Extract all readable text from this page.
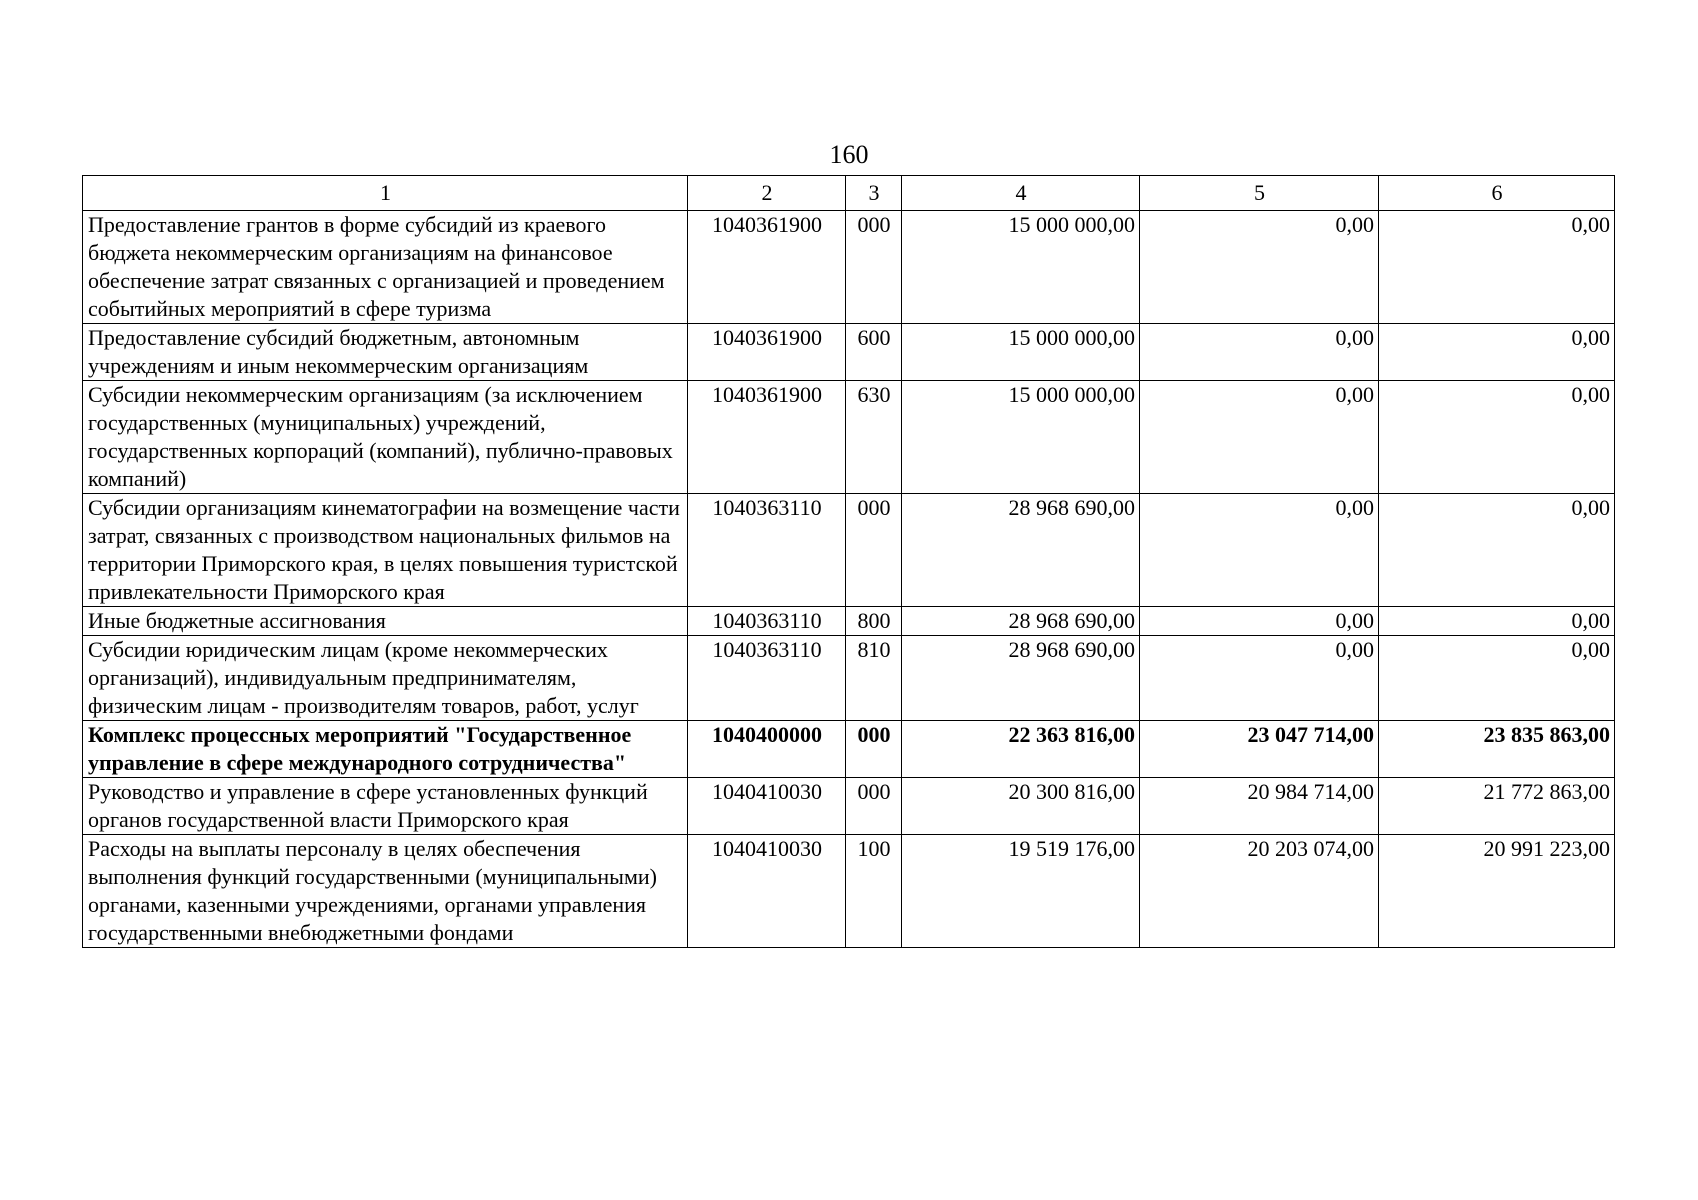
160
1	2	3	4	5	6
Предоставление грантов в форме субсидий из краевого бюджета некоммерческим организациям на финансовое обеспечение затрат связанных с организацией и проведением событийных мероприятий в сфере туризма	1040361900	000	15 000 000,00	0,00	0,00
Предоставление субсидий бюджетным, автономным учреждениям и иным некоммерческим организациям	1040361900	600	15 000 000,00	0,00	0,00
Субсидии некоммерческим организациям (за исключением государственных (муниципальных) учреждений, государственных корпораций (компаний), публично-правовых компаний)	1040361900	630	15 000 000,00	0,00	0,00
Субсидии организациям кинематографии на возмещение части затрат, связанных с производством национальных фильмов на территории Приморского края, в целях повышения туристской привлекательности Приморского края	1040363110	000	28 968 690,00	0,00	0,00
Иные бюджетные ассигнования	1040363110	800	28 968 690,00	0,00	0,00
Субсидии юридическим лицам (кроме некоммерческих организаций), индивидуальным предпринимателям, физическим лицам - производителям товаров, работ, услуг	1040363110	810	28 968 690,00	0,00	0,00
Комплекс процессных мероприятий "Государственное управление в сфере международного сотрудничества"	1040400000	000	22 363 816,00	23 047 714,00	23 835 863,00
Руководство и управление в сфере установленных функций органов государственной власти Приморского края	1040410030	000	20 300 816,00	20 984 714,00	21 772 863,00
Расходы на выплаты персоналу в целях обеспечения выполнения функций государственными (муниципальными) органами, казенными учреждениями, органами управления государственными внебюджетными фондами	1040410030	100	19 519 176,00	20 203 074,00	20 991 223,00
